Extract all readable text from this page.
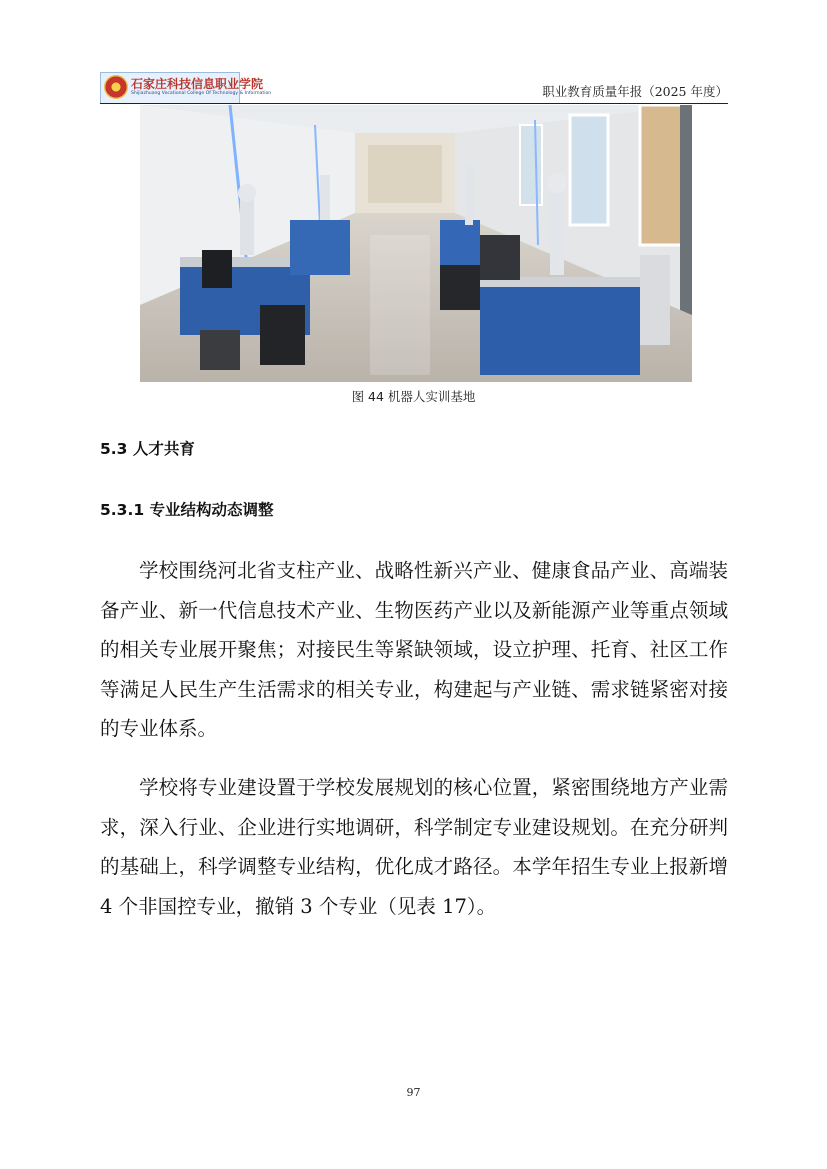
石家庄科技信息职业学院
Shijiazhuang Vocational College Of Technology & Information	职业教育质量年报（2025 年度）
图 44 机器人实训基地
5.3 人才共育
5.3.1 专业结构动态调整

学校围绕河北省支柱产业、战略性新兴产业、健康食品产业、高端装备产业、新一代信息技术产业、生物医药产业以及新能源产业等重点领域的相关专业展开聚焦；对接民生等紧缺领域，设立护理、托育、社区工作等满足人民生产生活需求的相关专业，构建起与产业链、需求链紧密对接的专业体系。

学校将专业建设置于学校发展规划的核心位置，紧密围绕地方产业需求，深入行业、企业进行实地调研，科学制定专业建设规划。在充分研判的基础上，科学调整专业结构，优化成才路径。本学年招生专业上报新增 4 个非国控专业，撤销 3 个专业（见表 17）。

97
